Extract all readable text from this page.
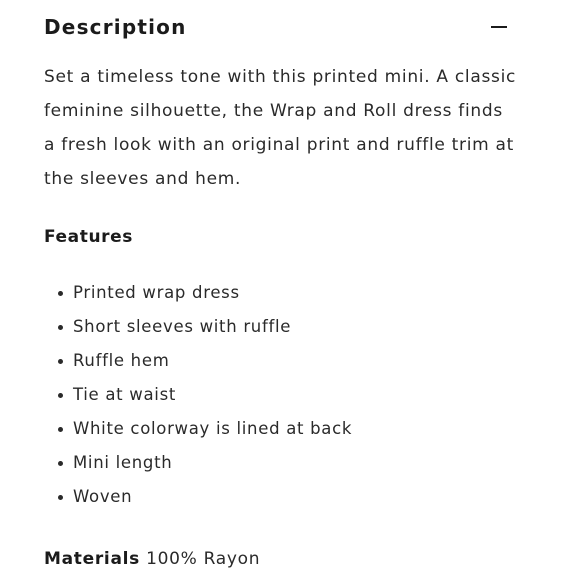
Description

Set a timeless tone with this printed mini. A classic
feminine silhouette, the Wrap and Roll dress finds
a fresh look with an original print and ruffle trim at
the sleeves and hem.

Features
Printed wrap dress
Short sleeves with ruffle
Ruffle hem
Tie at waist
White colorway is lined at back
Mini length
Woven
Materials 100% Rayon
